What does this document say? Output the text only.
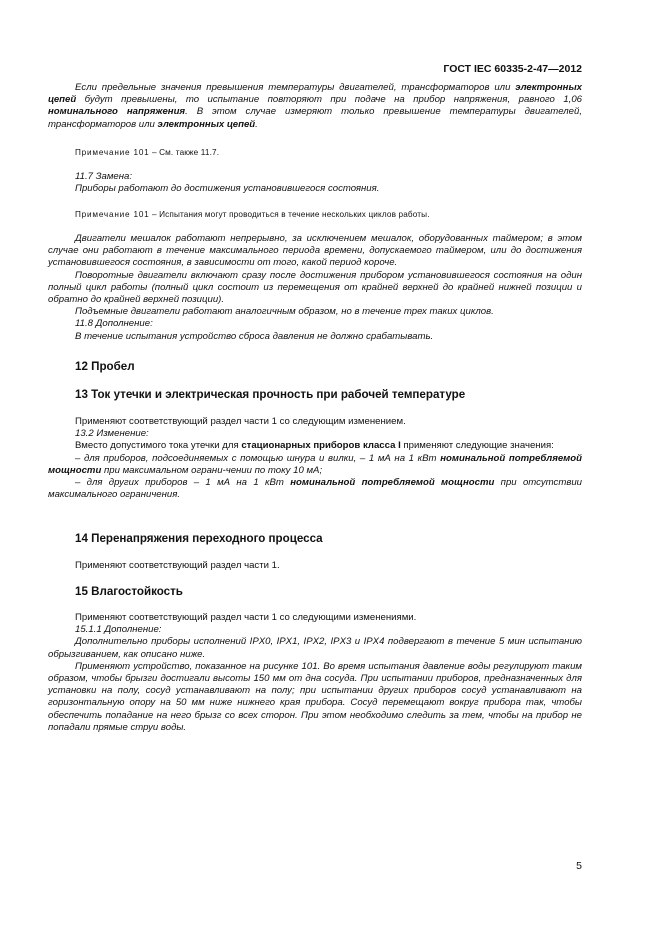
ГОСТ IEC 60335-2-47—2012

Если предельные значения превышения температуры двигателей, трансформаторов или электронных цепей будут превышены, то испытание повторяют при подаче на прибор напряжения, равного 1,06 номинального напряжения. В этом случае измеряют только превышение температуры двигателей, трансформаторов или электронных цепей.

Примечание 101 – См. также 11.7.

11.7 Замена:

Приборы работают до достижения установившегося состояния.

Примечание 101 – Испытания могут проводиться в течение нескольких циклов работы.

Двигатели мешалок работают непрерывно, за исключением мешалок, оборудованных таймером; в этом случае они работают в течение максимального периода времени, допускаемого таймером, или до достижения установившегося состояния, в зависимости от того, какой период короче.

Поворотные двигатели включают сразу после достижения прибором установившегося состояния на один полный цикл работы (полный цикл состоит из перемещения от крайней верхней до крайней нижней позиции и обратно до крайней верхней позиции).

Подъемные двигатели работают аналогичным образом, но в течение трех таких циклов.

11.8 Дополнение:

В течение испытания устройство сброса давления не должно срабатывать.

12 Пробел
13 Ток утечки и электрическая прочность при рабочей температуре

Применяют соответствующий раздел части 1 со следующим изменением.

13.2 Изменение:

Вместо допустимого тока утечки для стационарных приборов класса I применяют следующие значения:

– для приборов, подсоединяемых с помощью шнура и вилки, – 1 мА на 1 кВт номинальной потребляемой мощности при максимальном ограни-чении по току 10 мА;

– для других приборов – 1 мА на 1 кВт номинальной потребляемой мощности при отсутствии максимального ограничения.

14 Перенапряжения переходного процесса

Применяют соответствующий раздел части 1.

15 Влагостойкость

Применяют соответствующий раздел части 1 со следующими изменениями.

15.1.1 Дополнение:

Дополнительно приборы исполнений IPX0, IPX1, IPX2, IPX3 и IPX4 подвергают в течение 5 мин испытанию обрызгиванием, как описано ниже.

Применяют устройство, показанное на рисунке 101. Во время испытания давление воды регулируют таким образом, чтобы брызги достигали высоты 150 мм от дна сосуда. При испытании приборов, предназначенных для установки на полу, сосуд устанавливают на полу; при испытании других приборов сосуд устанавливают на горизонтальную опору на 50 мм ниже нижнего края прибора. Сосуд перемещают вокруг прибора так, чтобы обеспечить попадание на него брызг со всех сторон. При этом необходимо следить за тем, чтобы на прибор не попадали прямые струи воды.

5
